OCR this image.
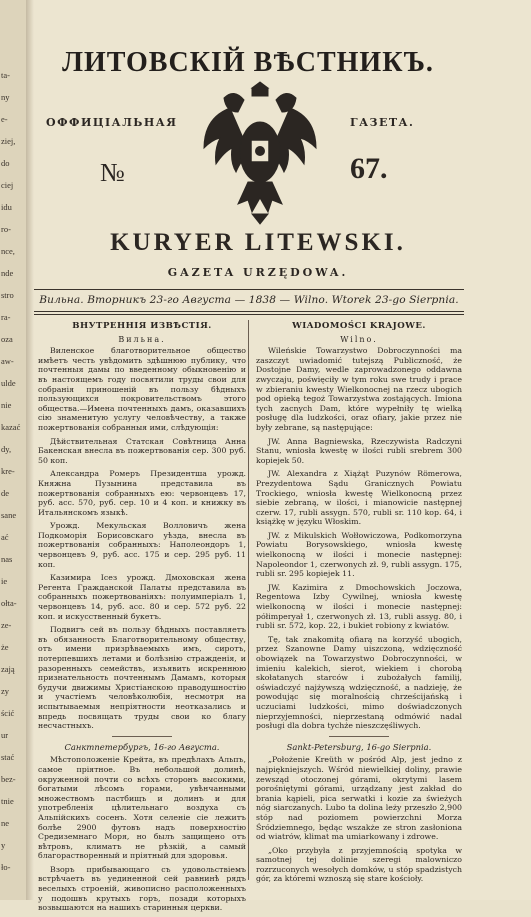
ta-
ny
e-
ziej,
do
ciej
idu
ro-
nce,
nde
stro
ra-
oza
aw-
ulde
nie
kazać
dy,
kre-
de
sane
ać
nas
ie
ołta-
ze-
że
zają
zy
ścić
ur
stać
bez-
tnie
ne
y
ło-
ЛИТОВСКІЙ ВѢСТНИКЪ.
ОФФИЦІАЛЬНАЯ	ГАЗЕТА.
№	67.
KURYER LITEWSKI.
GAZETA URZĘDOWA.
Вильна. Вторникъ 23-го Августа — 1838 — Wilno. Wtorek 23-go Sierpnia.
ВНУТРЕННІЯ ИЗВѢСТІЯ.
Вильна.

Виленское благотворительное общество имѣетъ честь увѣдомить здѣшнюю публику, что почтенныя дамы по введенному обыкновенію и въ настоящемъ году посвятили труды свои для собранія приношеній въ пользу бѣдныхъ пользующихся покровительствомъ этого общества.—Имена почтенныхъ дамъ, оказавшихъ сію знаменитую услугу человѣчеству, а также пожертвованія собранныя ими, слѣдующія:

Дѣйствительная Статская Совѣтница Анна Бакенская внесла въ пожертвованія сер. 300 руб. 50 коп.

Александра Ромеръ Президентша урожд. Княжна Пузынина представила въ пожертвованія собранныхъ ею: червонцевъ 17, руб. асс. 570, руб. сер. 10 и 4 коп. и книжку въ Итальянскомъ языкѣ.

Урожд. Мекульская Волловичъ жена Подкоморія Борисовскаго уѣзда, внесла въ пожертвованія собранныхъ: Наполеондоръ 1, червонцевъ 9, руб. асс. 175 и сер. 295 руб. 11 коп.

Казимира Ісез урожд. Дмоховская жена Регента Гражданской Палаты представила въ собранныхъ пожертвованіяхъ: полуимперіалъ 1, червонцевъ 14, руб. асс. 80 и сер. 572 руб. 22 коп. и искусственный букетъ.

Подвигъ сей въ пользу бѣдныхъ поставляетъ въ обязанность Благотворительному обществу, отъ имени призрѣваемыхъ имъ, сиротъ, потерпевшихъ летами и болѣзнію стражденія, и разоренныхъ семействъ, изъявить искреннюю признательность почтеннымъ Дамамъ, которыя будучи движимы Христіанскою праводушностію и участіемъ человѣколюбія, несмотря на испытываемыя непріятности неотказались и впредь посвящать труды свои ко благу несчастныхъ.

Санктпетербургъ, 16-го Августа.

Мѣстоположеніе Крейта, въ предѣлахъ Альпъ, самое пріятное. Въ небольшой долинѣ, окруженной почти со всѣхъ сторонъ высокими, богатыми лѣсомъ горами, увѣнчанными множествомъ пастбищъ и долинъ и для употребленія цѣлительнаго воздуха съ Альпійскихъ сосенъ. Хотя селеніе сіе лежитъ болѣе 2900 футовъ надъ поверхностію Средиземнаго Моря, но былъ защищено отъ вѣтровъ, климатъ не рѣзкій, а самый благорастворенный и пріятный для здоровья.

Взоръ прибывающаго съ удовольствіемъ встрѣчаетъ въ уединенной сей равнинѣ рядъ веселыхъ строеній, живописно расположенныхъ у подошвъ крутыхъ горъ, позади которыхъ возвышаются на нашихъ старинныя церкви.

WIADOMOŚCI KRAJOWE.
Wilno.

Wileńskie Towarzystwo Dobroczynności ma zaszczyt uwiadomić tutejszą Publiczność, że Dostojne Damy, wedle zaprowadzonego oddawna zwyczaju, poświęciły w tym roku swe trudy i prace w zbieraniu kwesty Wielkonocnej na rzecz ubogich pod opieką tegoż Towarzystwa zostających. Imiona tych zacnych Dam, które wypełniły tę wielką posługę dla ludzkości, oraz ofiary, jakie przez nie były zebrane, są następujące:

JW. Anna Bagniewska, Rzeczywista Radczyni Stanu, wniosła kwestę w ilości rubli srebrem 300 kopiejek 50.

JW. Alexandra z Xiążąt Puzynów Römerowa, Prezydentowa Sądu Granicznych Powiatu Trockiego, wniosła kwestę Wielkonocną przez siebie zebraną, w ilości, i mianowicie następnej czerw. 17, rubli assygn. 570, rubli sr. 110 kop. 64, i książkę w języku Włoskim.

JW. z Mikulskich Wołłowiczowa, Podkomorzyna Powiatu Borysowskiego, wniosła kwestę wielkonocną w ilości i monecie następnej: Napoleondor 1, czerwonych zł. 9, rubli assygn. 175, rubli sr. 295 kopiejek 11.

JW. Kazimira z Dmochowskich Joczowa, Regentowa Izby Cywilnej, wniosła kwestę wielkonocną w ilości i monecie następnej: półimperyał 1, czerwonych zł. 13, rubli assyg. 80, i rubli sr. 572, kop. 22, i bukiet robiony z kwiatów.

Tę, tak znakomitą ofiarą na korzyść ubogich, przez Szanowne Damy uiszczoną, wdzięczność obowiązek na Towarzystwo Dobroczynności, w imieniu kalekich, sierot, wiekiem i chorobą skołatanych starców i zubożałych familij, oświadczyć najżywszą wdzięczność, a nadzieję, że powodując się moralnością chrześcijańską i uczuciami ludzkości, mimo doświadczonych nieprzyjemności, nieprzestaną odmówić nadal posługi dla dobra tychże nieszczęśliwych.

Sankt-Petersburg, 16-go Sierpnia.

„Położenie Kreüth w pośród Alp, jest jedno z najpiękniejszych. Wśród niewielkiej doliny, prawie zewsząd otoczonej górami, okrytymi lasem porośniętymi górami, urządzany jest zakład do brania kąpieli, pica serwatki i kozie za świeżych nóg siarczanych. Lubo ta dolina leży przeszło 2,900 stóp nad poziomem powierzchni Morza Śródziemnego, będąc wszakże ze stron zasłoniona od wiatrów, klimat ma umiarkowany i zdrowe.

„Oko przybyła z przyjemnością spotyka w samotnej tej dolinie szeregi malowniczo rozrzuconych wesołych domków, u stóp spadzistych gór, za któremi wznoszą się stare kościoły.
